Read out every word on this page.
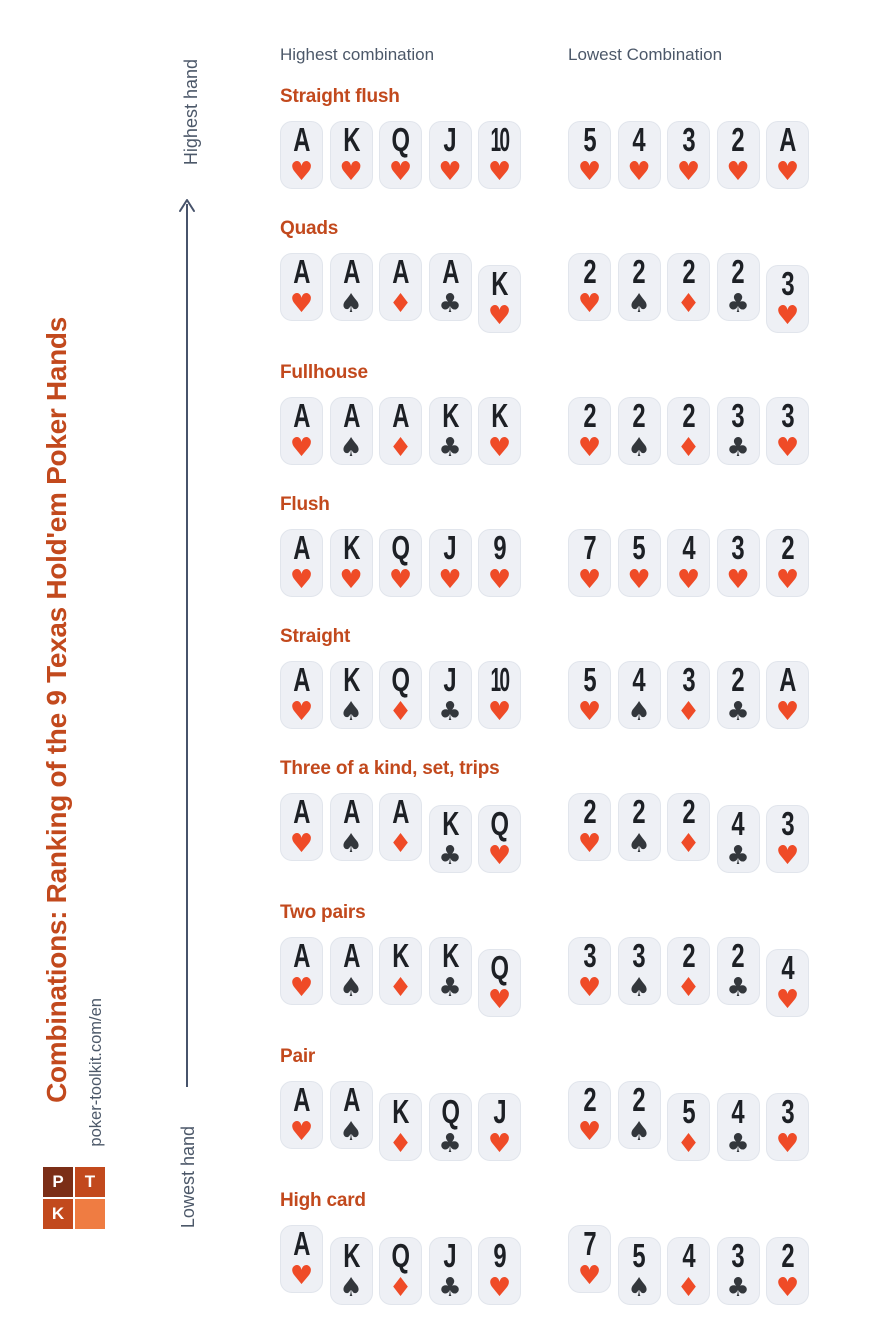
Combinations: Ranking of the 9 Texas Hold'em Poker Hands poker-toolkit.com/en
P	T
K
Highest hand
Lowest hand
Highest combination	Lowest Combination
Straight flush
A
♥
K
♥
Q
♥
J
♥
10
♥
5
♥
4
♥
3
♥
2
♥
A
♥
Quads
A
♥
A
♠
A
♦
A
♣
K
♥
2
♥
2
♠
2
♦
2
♣
3
♥
Fullhouse
A
♥
A
♠
A
♦
K
♣
K
♥
2
♥
2
♠
2
♦
3
♣
3
♥
Flush
A
♥
K
♥
Q
♥
J
♥
9
♥
7
♥
5
♥
4
♥
3
♥
2
♥
Straight
A
♥
K
♠
Q
♦
J
♣
10
♥
5
♥
4
♠
3
♦
2
♣
A
♥
Three of a kind, set, trips
A
♥
A
♠
A
♦
K
♣
Q
♥
2
♥
2
♠
2
♦
4
♣
3
♥
Two pairs
A
♥
A
♠
K
♦
K
♣
Q
♥
3
♥
3
♠
2
♦
2
♣
4
♥
Pair
A
♥
A
♠
K
♦
Q
♣
J
♥
2
♥
2
♠
5
♦
4
♣
3
♥
High card
A
♥
K
♠
Q
♦
J
♣
9
♥
7
♥
5
♠
4
♦
3
♣
2
♥
